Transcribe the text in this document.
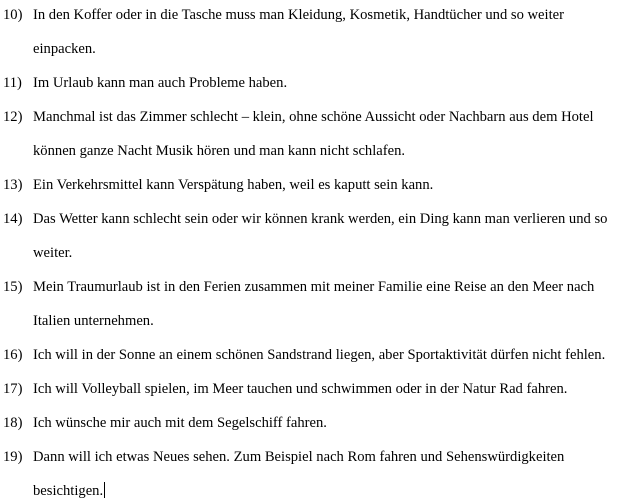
10) In den Koffer oder in die Tasche muss man Kleidung, Kosmetik, Handtücher und so weiter
einpacken.
11) Im Urlaub kann man auch Probleme haben.
12) Manchmal ist das Zimmer schlecht – klein, ohne schöne Aussicht oder Nachbarn aus dem Hotel
können ganze Nacht Musik hören und man kann nicht schlafen.
13) Ein Verkehrsmittel kann Verspätung haben, weil es kaputt sein kann.
14) Das Wetter kann schlecht sein oder wir können krank werden, ein Ding kann man verlieren und so
weiter.
15) Mein Traumurlaub ist in den Ferien zusammen mit meiner Familie eine Reise an den Meer nach
Italien unternehmen.
16) Ich will in der Sonne an einem schönen Sandstrand liegen, aber Sportaktivität dürfen nicht fehlen.
17) Ich will Volleyball spielen, im Meer tauchen und schwimmen oder in der Natur Rad fahren.
18) Ich wünsche mir auch mit dem Segelschiff fahren.
19) Dann will ich etwas Neues sehen. Zum Beispiel nach Rom fahren und Sehenswürdigkeiten
besichtigen.
